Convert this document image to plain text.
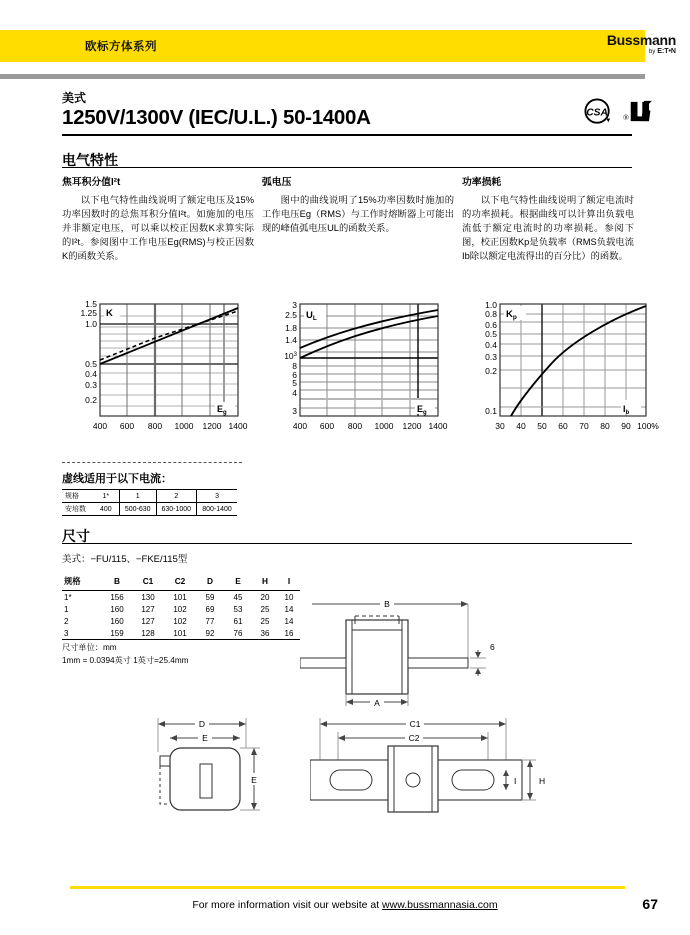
欧标方体系列	Bussmann
by E:T•N
美式
1250V/1300V (IEC/U.L.) 50-1400A	CSA ®
电气特性
焦耳积分值I²t

以下电气特性曲线说明了额定电压及15%功率因数时的总焦耳积分值I²t。如施加的电压并非额定电压，可以乘以校正因数K求算实际的I²t。参阅图中工作电压Eg(RMS)与校正因数K的函数关系。

弧电压

图中的曲线说明了15%功率因数时施加的工作电压Eg（RMS）与工作时熔断器上可能出现的峰值弧电压UL的函数关系。

功率损耗

以下电气特性曲线说明了额定电流时的功率损耗。根据曲线可以计算出负载电流低于额定电流时的功率损耗。参阅下图，校正因数Kp是负载率（RMS负载电流Ib除以额定电流得出的百分比）的函数。

1.5
1.25
1.0
0.5
0.4
0.3
0.2
400 600 800 1000 1200 1400
K
$E_g$
3
2.5
1.8
1.4
$10^3$
8
6
5
4
3
400 600 800 1000 1200 1400
$U_L$
$E_g$
1.0
0.8
0.6
0.5
0.4
0.3
0.2
0.1
30 40 50 60 70 80 90 100%
$K_p$
$I_b$
虚线适用于以下电流：
规格	1*	1	2	3
安培数	400	500-630	630-1000	800-1400
尺寸
美式：−FU/115、−FKE/115型
规格	B	C1	C2	D	E	H	I
1*	156	130	101	59	45	20	10
1	160	127	102	69	53	25	14
2	160	127	102	77	61	25	14
3	159	128	101	92	76	36	16
尺寸单位：mm
1mm = 0.0394英寸 1英寸=25.4mm
B
A
6
D
E
E
C1
C2
I	H
For more information visit our website at www.bussmannasia.com	67
